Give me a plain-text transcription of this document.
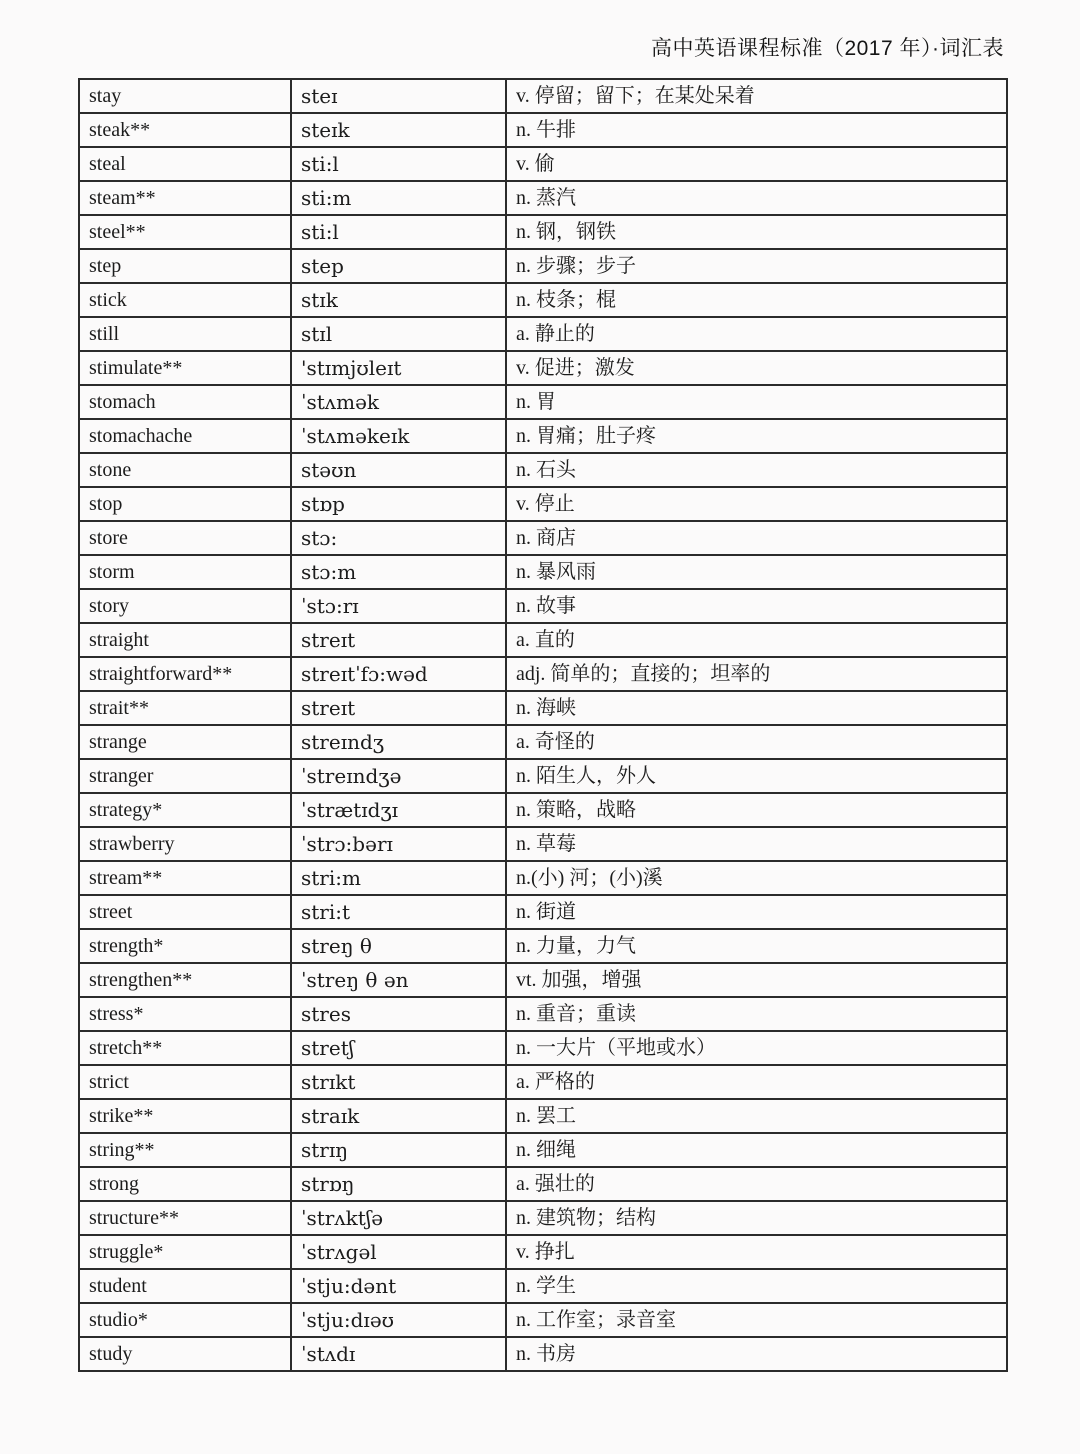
高中英语课程标准（2017 年）·词汇表
stay	steɪ	v. 停留；留下；在某处呆着
steak**	steɪk	n. 牛排
steal	sti:l	v. 偷
steam**	sti:m	n. 蒸汽
steel**	sti:l	n. 钢，钢铁
step	step	n. 步骤；步子
stick	stɪk	n. 枝条；棍
still	stɪl	a. 静止的
stimulate**	'stɪmjʊleɪt	v. 促进；激发
stomach	ˈstʌmək	n. 胃
stomachache	ˈstʌməkeɪk	n. 胃痛；肚子疼
stone	stəʊn	n. 石头
stop	stɒp	v. 停止
store	stɔ:	n. 商店
storm	stɔ:m	n. 暴风雨
story	ˈstɔ:rɪ	n. 故事
straight	streɪt	a. 直的
straightforward**	streɪtˈfɔ:wəd	adj. 简单的；直接的；坦率的
strait**	streɪt	n. 海峡
strange	streɪndʒ	a. 奇怪的
stranger	ˈstreɪndʒə	n. 陌生人，外人
strategy*	ˈstrætɪdʒɪ	n. 策略，战略
strawberry	ˈstrɔ:bərɪ	n. 草莓
stream**	stri:m	n.(小) 河；(小)溪
street	stri:t	n. 街道
strength*	streŋ θ	n. 力量，力气
strengthen**	ˈstreŋ θ ən	vt. 加强，增强
stress*	stres	n. 重音；重读
stretch**	stretʃ	n. 一大片（平地或水）
strict	strɪkt	a. 严格的
strike**	straɪk	n. 罢工
string**	strɪŋ	n. 细绳
strong	strɒŋ	a. 强壮的
structure**	ˈstrʌktʃə	n. 建筑物；结构
struggle*	ˈstrʌgəl	v. 挣扎
student	ˈstju:dənt	n. 学生
studio*	ˈstju:dɪəʊ	n. 工作室；录音室
study	ˈstʌdɪ	n. 书房
